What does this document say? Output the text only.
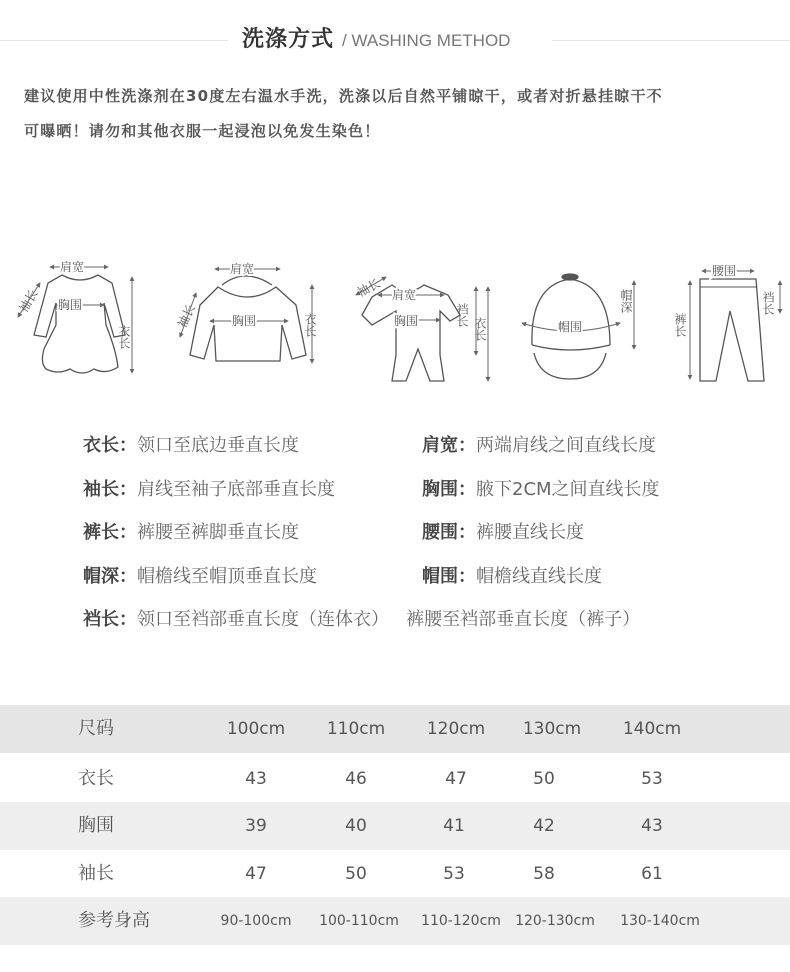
洗涤方式 / WASHING METHOD
建议使用中性洗涤剂在30度左右温水手洗，洗涤以后自然平铺晾干，或者对折悬挂晾干不
可曝晒！请勿和其他衣服一起浸泡以免发生染色！
肩宽
袖长 胸围
衣长
肩宽
袖长	胸围	衣长
袖长 肩宽
胸围	裆长
衣长	帽围
帽深
腰围
裤长
裆长
衣长：领口至底边垂直长度	肩宽：两端肩线之间直线长度
袖长：肩线至袖子底部垂直长度	胸围：腋下2CM之间直线长度
裤长：裤腰至裤脚垂直长度	腰围：裤腰直线长度
帽深：帽檐线至帽顶垂直长度	帽围：帽檐线直线长度
裆长：领口至裆部垂直长度（连体衣）   裤腰至裆部垂直长度（裤子）
尺码	100cm	110cm	120cm	130cm	140cm
衣长	43	46	47	50	53
胸围	39	40	41	42	43
袖长	47	50	53	58	61
参考身高	90-100cm	100-110cm	110-120cm	120-130cm	130-140cm
